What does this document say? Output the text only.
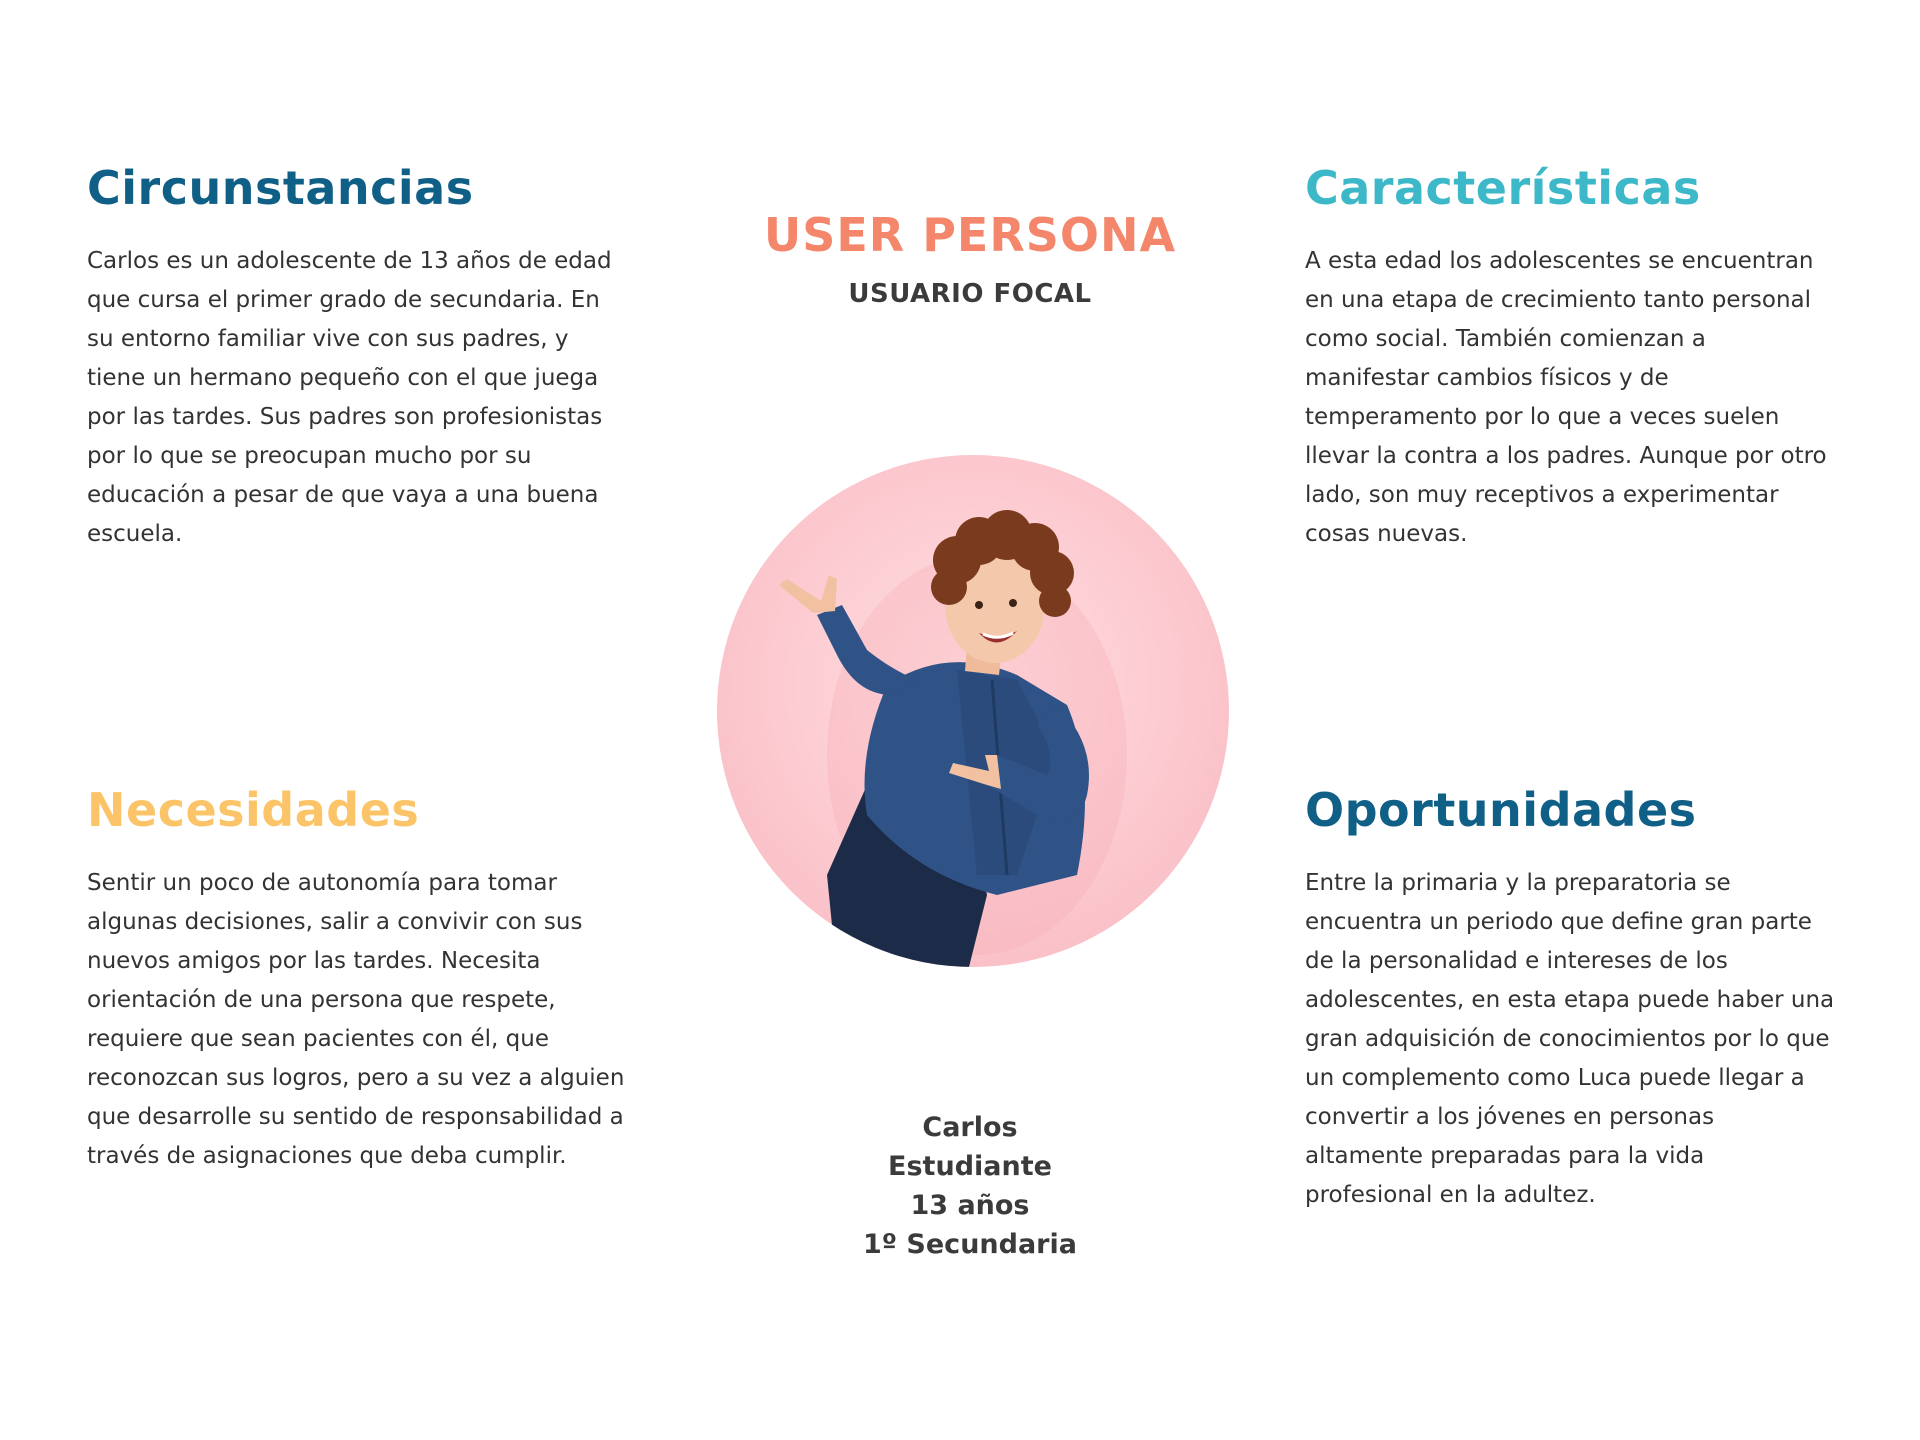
Circunstancias

Carlos es un adolescente de 13 años de edad que cursa el primer grado de secundaria. En su entorno familiar vive con sus padres, y tiene un hermano pequeño con el que juega por las tardes. Sus padres son profesionistas por lo que se preocupan mucho por su educación a pesar de que vaya a una buena escuela.

Características

A esta edad los adolescentes se encuentran en una etapa de crecimiento tanto personal como social. También comienzan a manifestar cambios físicos y de temperamento por lo que a veces suelen llevar la contra a los padres. Aunque por otro lado, son muy receptivos a experimentar cosas nuevas.

Necesidades

Sentir un poco de autonomía para tomar algunas decisiones, salir a convivir con sus nuevos amigos por las tardes. Necesita orientación de una persona que respete, requiere que sean pacientes con él, que reconozcan sus logros, pero a su vez a alguien que desarrolle su sentido de responsabilidad a través de asignaciones que deba cumplir.

Oportunidades

Entre la primaria y la preparatoria se encuentra un periodo que define gran parte de la personalidad e intereses de los adolescentes, en esta etapa puede haber una gran adquisición de conocimientos por lo que un complemento como Luca puede llegar a convertir a los jóvenes en personas altamente preparadas para la vida profesional en la adultez.

USER PERSONA
USUARIO FOCAL
Carlos
Estudiante
13 años
1º Secundaria
